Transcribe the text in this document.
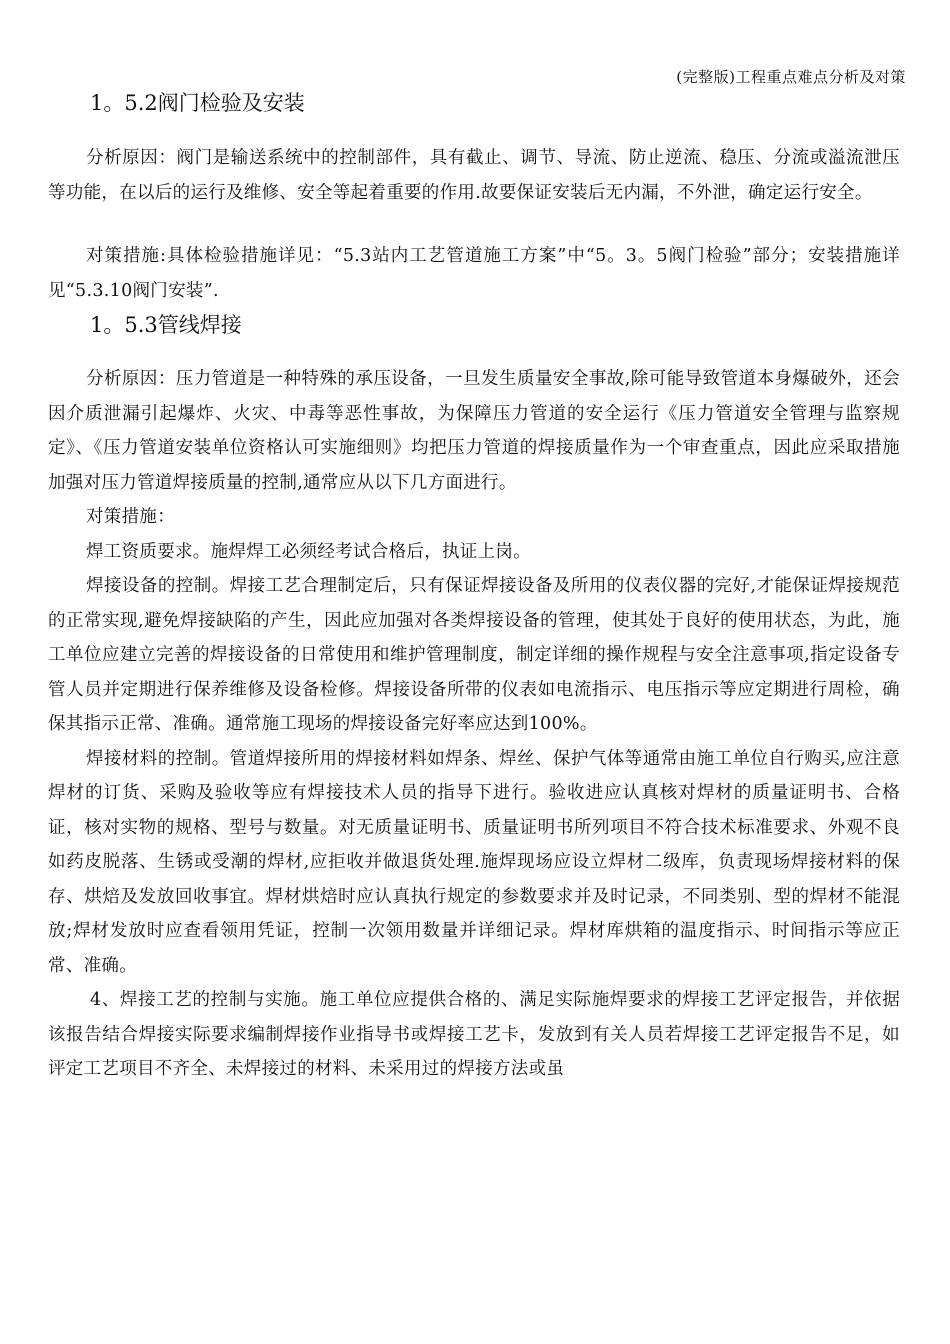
(完整版)工程重点难点分析及对策
1。5.2阀门检验及安装

分析原因：阀门是输送系统中的控制部件，具有截止、调节、导流、防止逆流、稳压、分流或溢流泄压等功能，在以后的运行及维修、安全等起着重要的作用.故要保证安装后无内漏，不外泄，确定运行安全。

对策措施:具体检验措施详见：“5.3站内工艺管道施工方案”中“5。3。5阀门检验”部分；安装措施详见“5.3.10阀门安装”.

1。5.3管线焊接

分析原因：压力管道是一种特殊的承压设备，一旦发生质量安全事故,除可能导致管道本身爆破外，还会因介质泄漏引起爆炸、火灾、中毒等恶性事故，为保障压力管道的安全运行《压力管道安全管理与监察规定》、《压力管道安装单位资格认可实施细则》均把压力管道的焊接质量作为一个审查重点，因此应采取措施加强对压力管道焊接质量的控制,通常应从以下几方面进行。

对策措施：

焊工资质要求。施焊焊工必须经考试合格后，执证上岗。

焊接设备的控制。焊接工艺合理制定后，只有保证焊接设备及所用的仪表仪器的完好,才能保证焊接规范的正常实现,避免焊接缺陷的产生，因此应加强对各类焊接设备的管理，使其处于良好的使用状态，为此，施工单位应建立完善的焊接设备的日常使用和维护管理制度，制定详细的操作规程与安全注意事项,指定设备专管人员并定期进行保养维修及设备检修。焊接设备所带的仪表如电流指示、电压指示等应定期进行周检，确保其指示正常、准确。通常施工现场的焊接设备完好率应达到100%。

焊接材料的控制。管道焊接所用的焊接材料如焊条、焊丝、保护气体等通常由施工单位自行购买,应注意焊材的订货、采购及验收等应有焊接技术人员的指导下进行。验收进应认真核对焊材的质量证明书、合格证，核对实物的规格、型号与数量。对无质量证明书、质量证明书所列项目不符合技术标准要求、外观不良如药皮脱落、生锈或受潮的焊材,应拒收并做退货处理.施焊现场应设立焊材二级库，负责现场焊接材料的保存、烘焙及发放回收事宜。焊材烘焙时应认真执行规定的参数要求并及时记录，不同类别、型的焊材不能混放;焊材发放时应查看领用凭证，控制一次领用数量并详细记录。焊材库烘箱的温度指示、时间指示等应正常、准确。

4、焊接工艺的控制与实施。施工单位应提供合格的、满足实际施焊要求的焊接工艺评定报告，并依据该报告结合焊接实际要求编制焊接作业指导书或焊接工艺卡，发放到有关人员若焊接工艺评定报告不足，如评定工艺项目不齐全、未焊接过的材料、未采用过的焊接方法或虽
